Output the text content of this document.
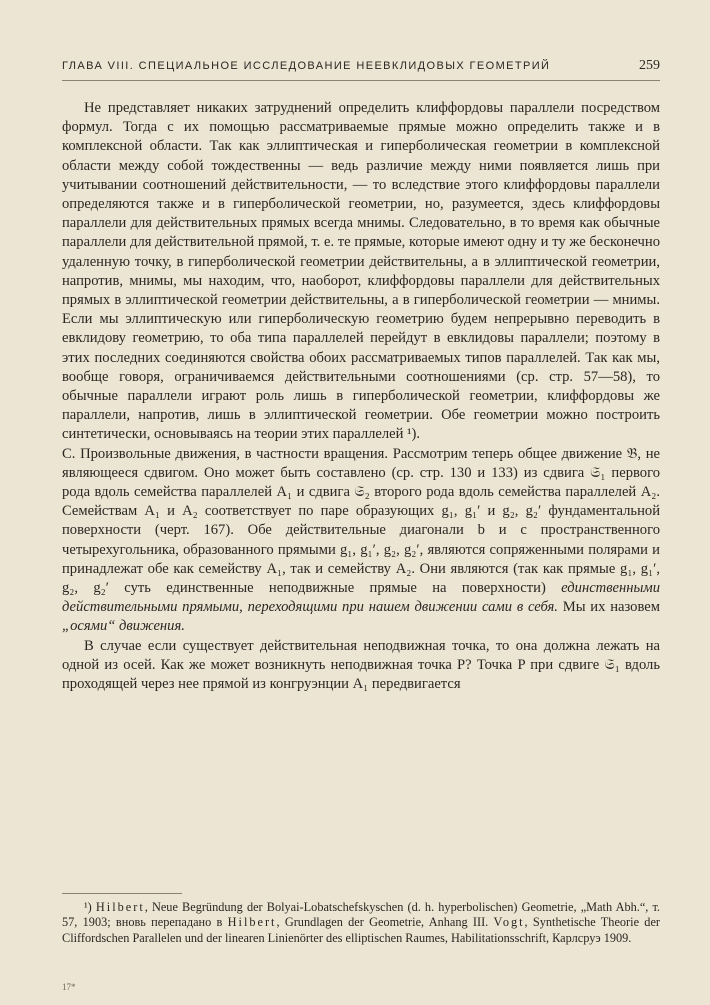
ГЛАВА VIII. СПЕЦИАЛЬНОЕ ИССЛЕДОВАНИЕ НЕЕВКЛИДОВЫХ ГЕОМЕТРИЙ	259

Не представляет никаких затруднений определить клиффордовы параллели посредством формул. Тогда с их помощью рассматриваемые прямые можно определить также и в комплексной области. Так как эллиптическая и гиперболическая геометрии в комплексной области между собой тождественны — ведь различие между ними появляется лишь при учитывании соотношений действительности, — то вследствие этого клиффордовы параллели определяются также и в гиперболической геометрии, но, разумеется, здесь клиффордовы параллели для действительных прямых всегда мнимы. Следовательно, в то время как обычные параллели для действительной прямой, т. е. те прямые, которые имеют одну и ту же бесконечно удаленную точку, в гиперболической геометрии действительны, а в эллиптической геометрии, напротив, мнимы, мы находим, что, наоборот, клиффордовы параллели для действительных прямых в эллиптической геометрии действительны, а в гиперболической геометрии — мнимы. Если мы эллиптическую или гиперболическую геометрию будем непрерывно переводить в евклидову геометрию, то оба типа параллелей перейдут в евклидовы параллели; поэтому в этих последних соединяются свойства обоих рассматриваемых типов параллелей. Так как мы, вообще говоря, ограничиваемся действительными соотношениями (ср. стр. 57—58), то обычные параллели играют роль лишь в гиперболической геометрии, клиффордовы же параллели, напротив, лишь в эллиптической геометрии. Обе геометрии можно построить синтетически, основываясь на теории этих параллелей ¹).

C. Произвольные движения, в частности вращения. Рассмотрим теперь общее движение 𝔅, не являющееся сдвигом. Оно может быть составлено (ср. стр. 130 и 133) из сдвига 𝔖₁ первого рода вдоль семейства параллелей A₁ и сдвига 𝔖₂ второго рода вдоль семейства параллелей A₂. Семействам A₁ и A₂ соответствует по паре образующих g₁, g₁′ и g₂, g₂′ фундаментальной поверхности (черт. 167). Обе действительные диагонали b и c пространственного четырехугольника, образованного прямыми g₁, g₁′, g₂, g₂′, являются сопряженными полярами и принадлежат обе как семейству A₁, так и семейству A₂. Они являются (так как прямые g₁, g₁′, g₂, g₂′ суть единственные неподвижные прямые на поверхности) единственными действительными прямыми, переходящими при нашем движении сами в себя. Мы их назовем „осями“ движения.

В случае если существует действительная неподвижная точка, то она должна лежать на одной из осей. Как же может возникнуть неподвижная точка P? Точка P при сдвиге 𝔖₁ вдоль проходящей через нее прямой из конгруэнции A₁ передвигается

¹) Hilbert, Neue Begründung der Bolyai-Lobatschefskyschen (d. h. hyperbolischen) Geometrie, „Math Abh.“, т. 57, 1903; вновь перепадано в Hilbert, Grundlagen der Geometrie, Anhang III. Vogt, Synthetische Theorie der Cliffordschen Parallelen und der linearen Linienörter des elliptischen Raumes, Habilitationsschrift, Карлсруэ 1909.
17*
